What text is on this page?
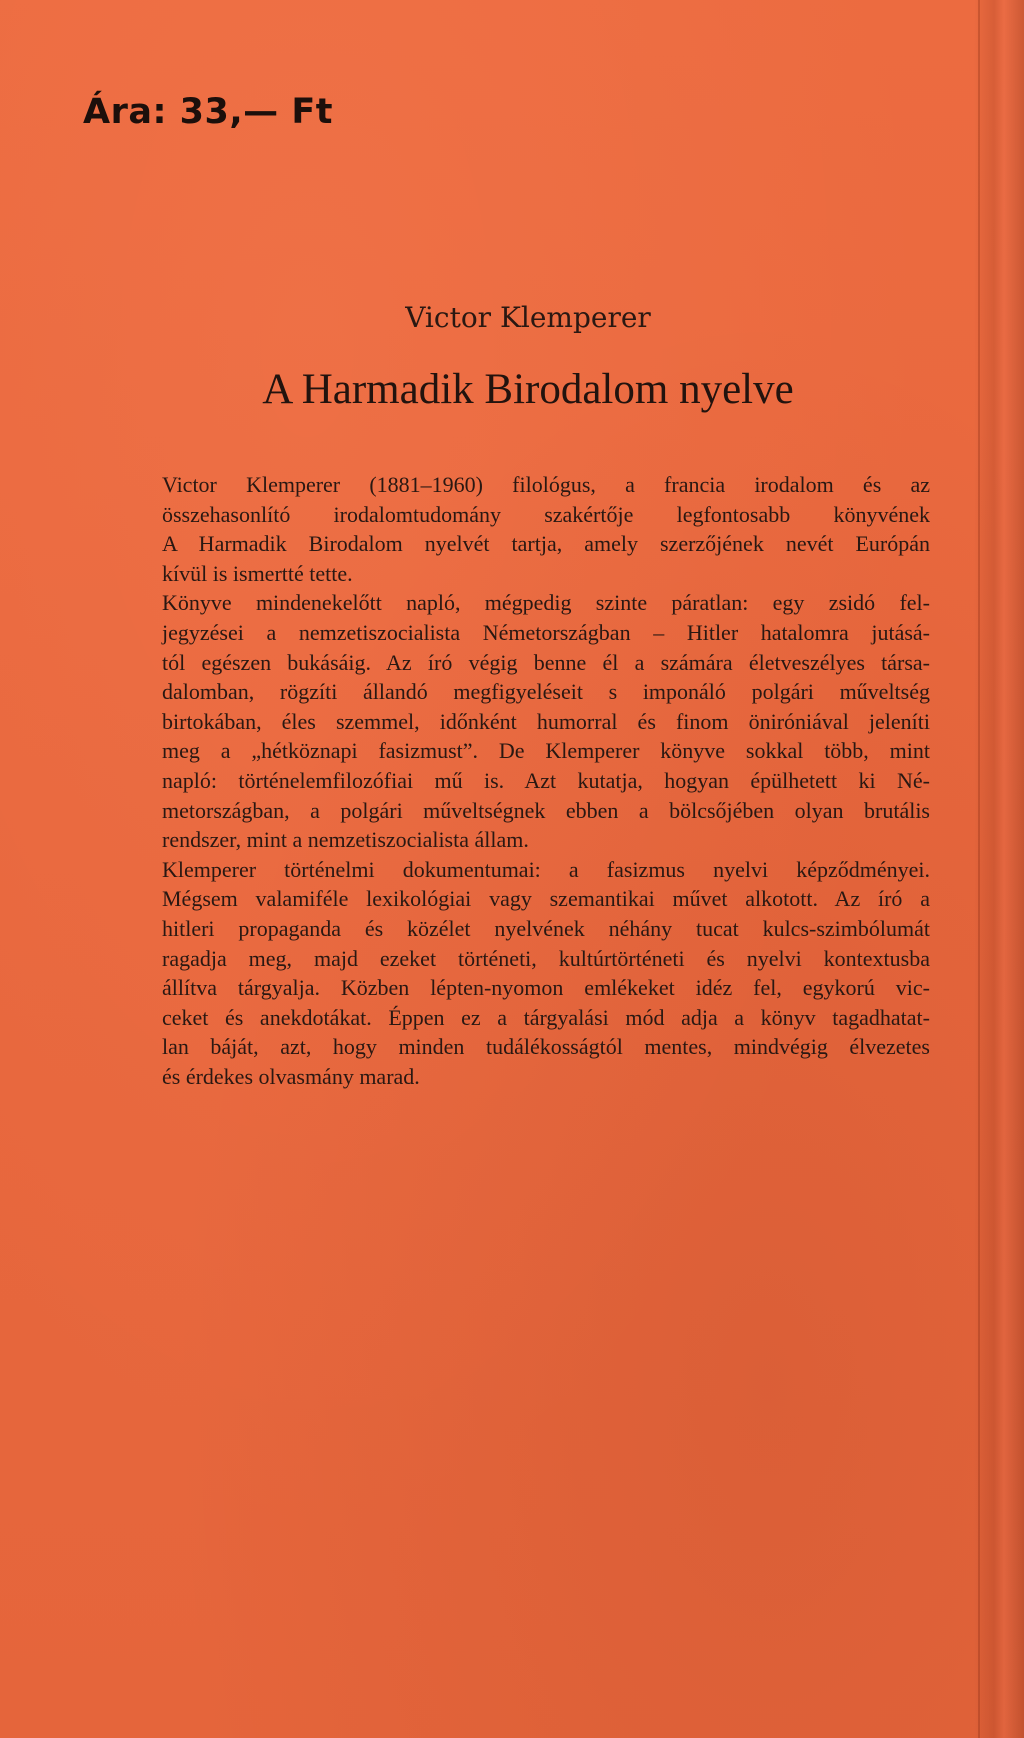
Ára: 33,— Ft

Victor Klemperer

A Harmadik Birodalom nyelve

Victor Klemperer (1881–1960) filológus, a francia irodalom és az
összehasonlító irodalomtudomány szakértője legfontosabb könyvének
A Harmadik Birodalom nyelvét tartja, amely szerzőjének nevét Európán
kívül is ismertté tette.

Könyve mindenekelőtt napló, mégpedig szinte páratlan: egy zsidó fel-
jegyzései a nemzetiszocialista Németországban – Hitler hatalomra jutásá-
tól egészen bukásáig. Az író végig benne él a számára életveszélyes társa-
dalomban, rögzíti állandó megfigyeléseit s imponáló polgári műveltség
birtokában, éles szemmel, időnként humorral és finom öniróniával jeleníti
meg a „hétköznapi fasizmust”. De Klemperer könyve sokkal több, mint
napló: történelemfilozófiai mű is. Azt kutatja, hogyan épülhetett ki Né-
metországban, a polgári műveltségnek ebben a bölcsőjében olyan brutális
rendszer, mint a nemzetiszocialista állam.

Klemperer történelmi dokumentumai: a fasizmus nyelvi képződményei.
Mégsem valamiféle lexikológiai vagy szemantikai művet alkotott. Az író a
hitleri propaganda és közélet nyelvének néhány tucat kulcs-szimbólumát
ragadja meg, majd ezeket történeti, kultúrtörténeti és nyelvi kontextusba
állítva tárgyalja. Közben lépten-nyomon emlékeket idéz fel, egykorú vic-
ceket és anekdotákat. Éppen ez a tárgyalási mód adja a könyv tagadhatat-
lan báját, azt, hogy minden tudálékosságtól mentes, mindvégig élvezetes
és érdekes olvasmány marad.
